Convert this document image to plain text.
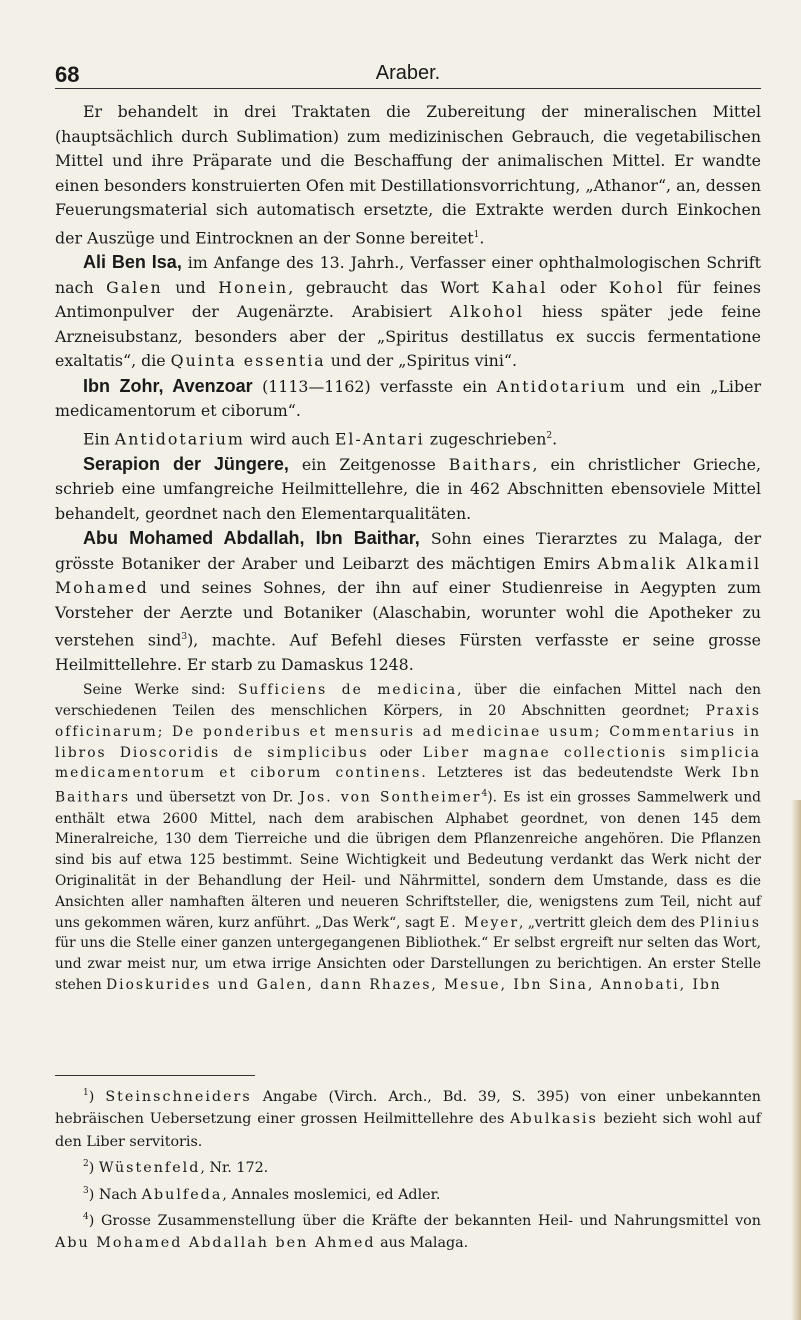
68	Araber.

Er behandelt in drei Traktaten die Zubereitung der mineralischen Mittel (hauptsächlich durch Sublimation) zum medizinischen Gebrauch, die vegetabilischen Mittel und ihre Präparate und die Beschaffung der animalischen Mittel. Er wandte einen besonders konstruierten Ofen mit Destillationsvorrichtung, „Athanor“, an, dessen Feuerungsmaterial sich automatisch ersetzte, die Extrakte werden durch Einkochen der Auszüge und Eintrocknen an der Sonne bereitet$^1$.

Ali Ben Isa, im Anfange des 13. Jahrh., Verfasser einer ophthalmologischen Schrift nach Galen und Honein, gebraucht das Wort Kahal oder Kohol für feines Antimonpulver der Augenärzte. Arabisiert Alkohol hiess später jede feine Arzneisubstanz, besonders aber der „Spiritus destillatus ex succis fermentatione exaltatis“, die Quinta essentia und der „Spiritus vini“.

Ibn Zohr, Avenzoar (1113—1162) verfasste ein Antidotarium und ein „Liber medicamentorum et ciborum“.

Ein Antidotarium wird auch El-Antari zugeschrieben$^2$.

Serapion der Jüngere, ein Zeitgenosse Baithars, ein christlicher Grieche, schrieb eine umfangreiche Heilmittellehre, die in 462 Abschnitten ebensoviele Mittel behandelt, geordnet nach den Elementarqualitäten.

Abu Mohamed Abdallah, Ibn Baithar, Sohn eines Tierarztes zu Malaga, der grösste Botaniker der Araber und Leibarzt des mächtigen Emirs Abmalik Alkamil Mohamed und seines Sohnes, der ihn auf einer Studienreise in Aegypten zum Vorsteher der Aerzte und Botaniker (Alaschabin, worunter wohl die Apotheker zu verstehen sind$^3$), machte. Auf Befehl dieses Fürsten verfasste er seine grosse Heilmittellehre. Er starb zu Damaskus 1248.

Seine Werke sind: Sufficiens de medicina, über die einfachen Mittel nach den verschiedenen Teilen des menschlichen Körpers, in 20 Abschnitten geordnet; Praxis officinarum; De ponderibus et mensuris ad medicinae usum; Commentarius in libros Dioscoridis de simplicibus oder Liber magnae collectionis simplicia medicamentorum et ciborum continens. Letzteres ist das bedeutendste Werk Ibn Baithars und übersetzt von Dr. Jos. von Sontheimer$^4$). Es ist ein grosses Sammelwerk und enthält etwa 2600 Mittel, nach dem arabischen Alphabet geordnet, von denen 145 dem Mineralreiche, 130 dem Tierreiche und die übrigen dem Pflanzenreiche angehören. Die Pflanzen sind bis auf etwa 125 bestimmt. Seine Wichtigkeit und Bedeutung verdankt das Werk nicht der Originalität in der Behandlung der Heil- und Nährmittel, sondern dem Umstande, dass es die Ansichten aller namhaften älteren und neueren Schriftsteller, die, wenigstens zum Teil, nicht auf uns gekommen wären, kurz anführt. „Das Werk“, sagt E. Meyer, „vertritt gleich dem des Plinius für uns die Stelle einer ganzen untergegangenen Bibliothek.“ Er selbst ergreift nur selten das Wort, und zwar meist nur, um etwa irrige Ansichten oder Darstellungen zu berichtigen. An erster Stelle stehen Dioskurides und Galen, dann Rhazes, Mesue, Ibn Sina, Annobati, Ibn

$^1$) Steinschneiders Angabe (Virch. Arch., Bd. 39, S. 395) von einer unbekannten hebräischen Uebersetzung einer grossen Heilmittellehre des Abulkasis bezieht sich wohl auf den Liber servitoris.

$^2$) Wüstenfeld, Nr. 172.

$^3$) Nach Abulfeda, Annales moslemici, ed Adler.

$^4$) Grosse Zusammenstellung über die Kräfte der bekannten Heil- und Nahrungsmittel von Abu Mohamed Abdallah ben Ahmed aus Malaga.
